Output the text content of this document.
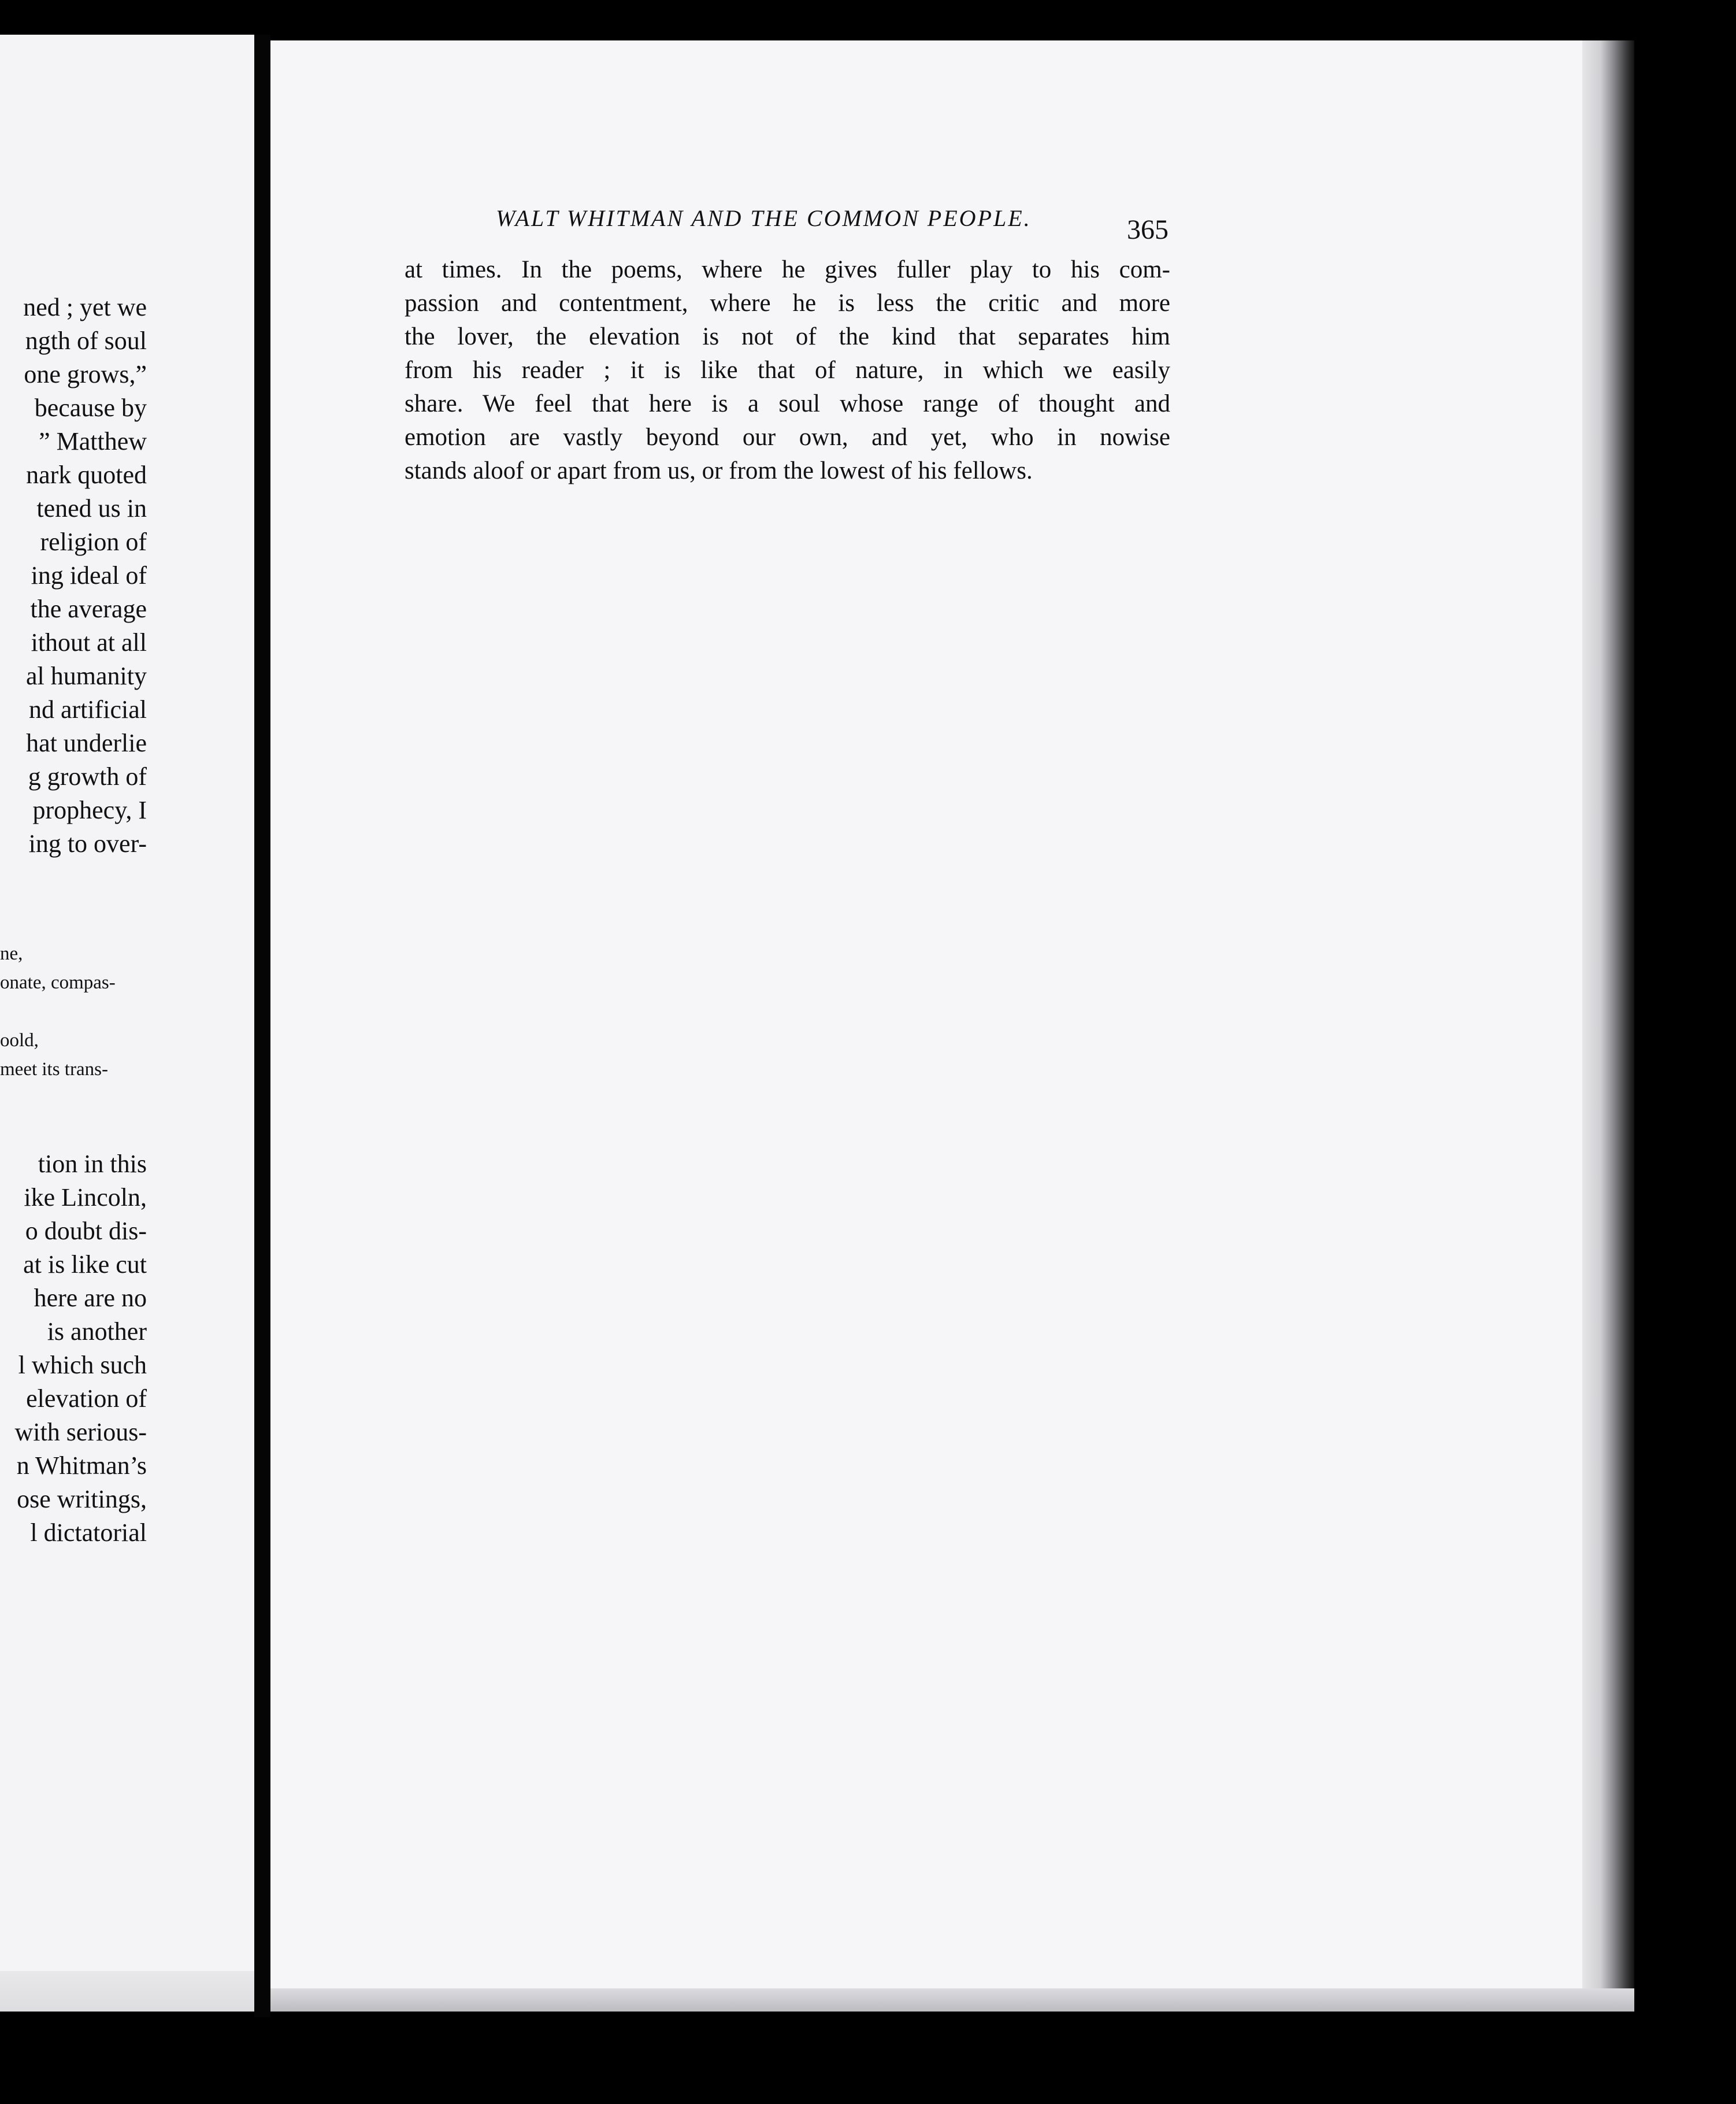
ned ; yet we
ngth of soul
one grows,”
because by
” Matthew
nark quoted
tened us in
religion of
ing ideal of
the average
ithout at all
al humanity
nd artificial
hat underlie
g growth of
prophecy, I
ing to over-
ne,
onate, compas-

oold,
meet its trans-
tion in this
ike Lincoln,
o doubt dis-
at is like cut
here are no
is another
l which such
elevation of
with serious-
n Whitman’s
ose writings,
l dictatorial
WALT WHITMAN AND THE COMMON PEOPLE.	365
at times. In the poems, where he gives fuller play to his com-
passion and contentment, where he is less the critic and more
the lover, the elevation is not of the kind that separates him
from his reader ; it is like that of nature, in which we easily
share. We feel that here is a soul whose range of thought and
emotion are vastly beyond our own, and yet, who in nowise
stands aloof or apart from us, or from the lowest of his fellows.
